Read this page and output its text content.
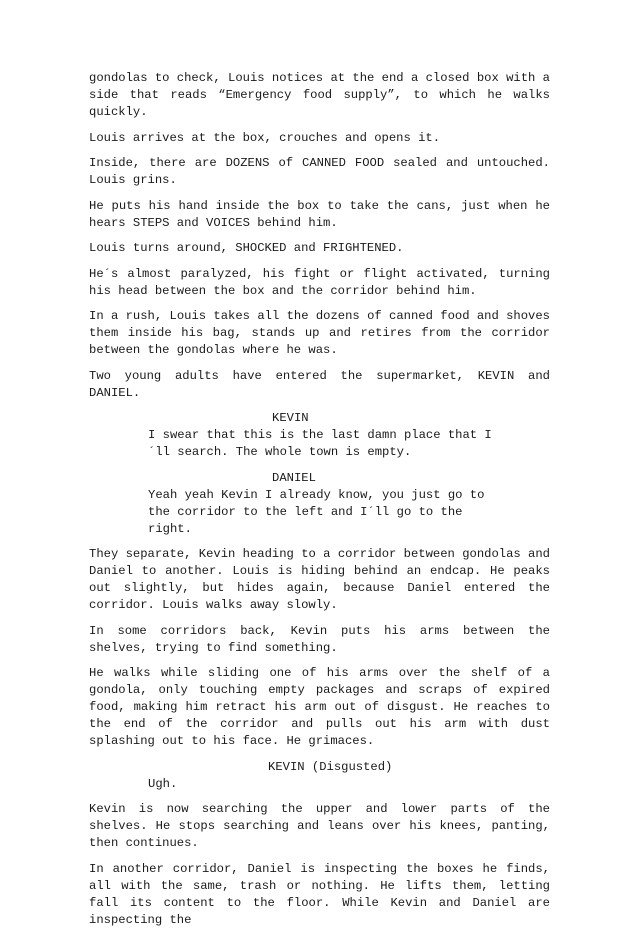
gondolas to check, Louis notices at the end a closed box with a side that reads “Emergency food supply”, to which he walks quickly.

Louis arrives at the box, crouches and opens it.

Inside, there are DOZENS of CANNED FOOD sealed and untouched. Louis grins.

He puts his hand inside the box to take the cans, just when he hears STEPS and VOICES behind him.

Louis turns around, SHOCKED and FRIGHTENED.

He´s almost paralyzed, his fight or flight activated, turning his head between the box and the corridor behind him.

In a rush, Louis takes all the dozens of canned food and shoves them inside his bag, stands up and retires from the corridor between the gondolas where he was.

Two young adults have entered the supermarket, KEVIN and DANIEL.

KEVIN
I swear that this is the last damn place that I´ll search. The whole town is empty.
DANIEL
Yeah yeah Kevin I already know, you just go to the corridor to the left and I´ll go to the right.

They separate, Kevin heading to a corridor between gondolas and Daniel to another. Louis is hiding behind an endcap. He peaks out slightly, but hides again, because Daniel entered the corridor. Louis walks away slowly.

In some corridors back, Kevin puts his arms between the shelves, trying to find something.

He walks while sliding one of his arms over the shelf of a gondola, only touching empty packages and scraps of expired food, making him retract his arm out of disgust. He reaches to the end of the corridor and pulls out his arm with dust splashing out to his face. He grimaces.

KEVIN (Disgusted)
Ugh.

Kevin is now searching the upper and lower parts of the shelves. He stops searching and leans over his knees, panting, then continues.

In another corridor, Daniel is inspecting the boxes he finds, all with the same, trash or nothing. He lifts them, letting fall its content to the floor. While Kevin and Daniel are inspecting the
